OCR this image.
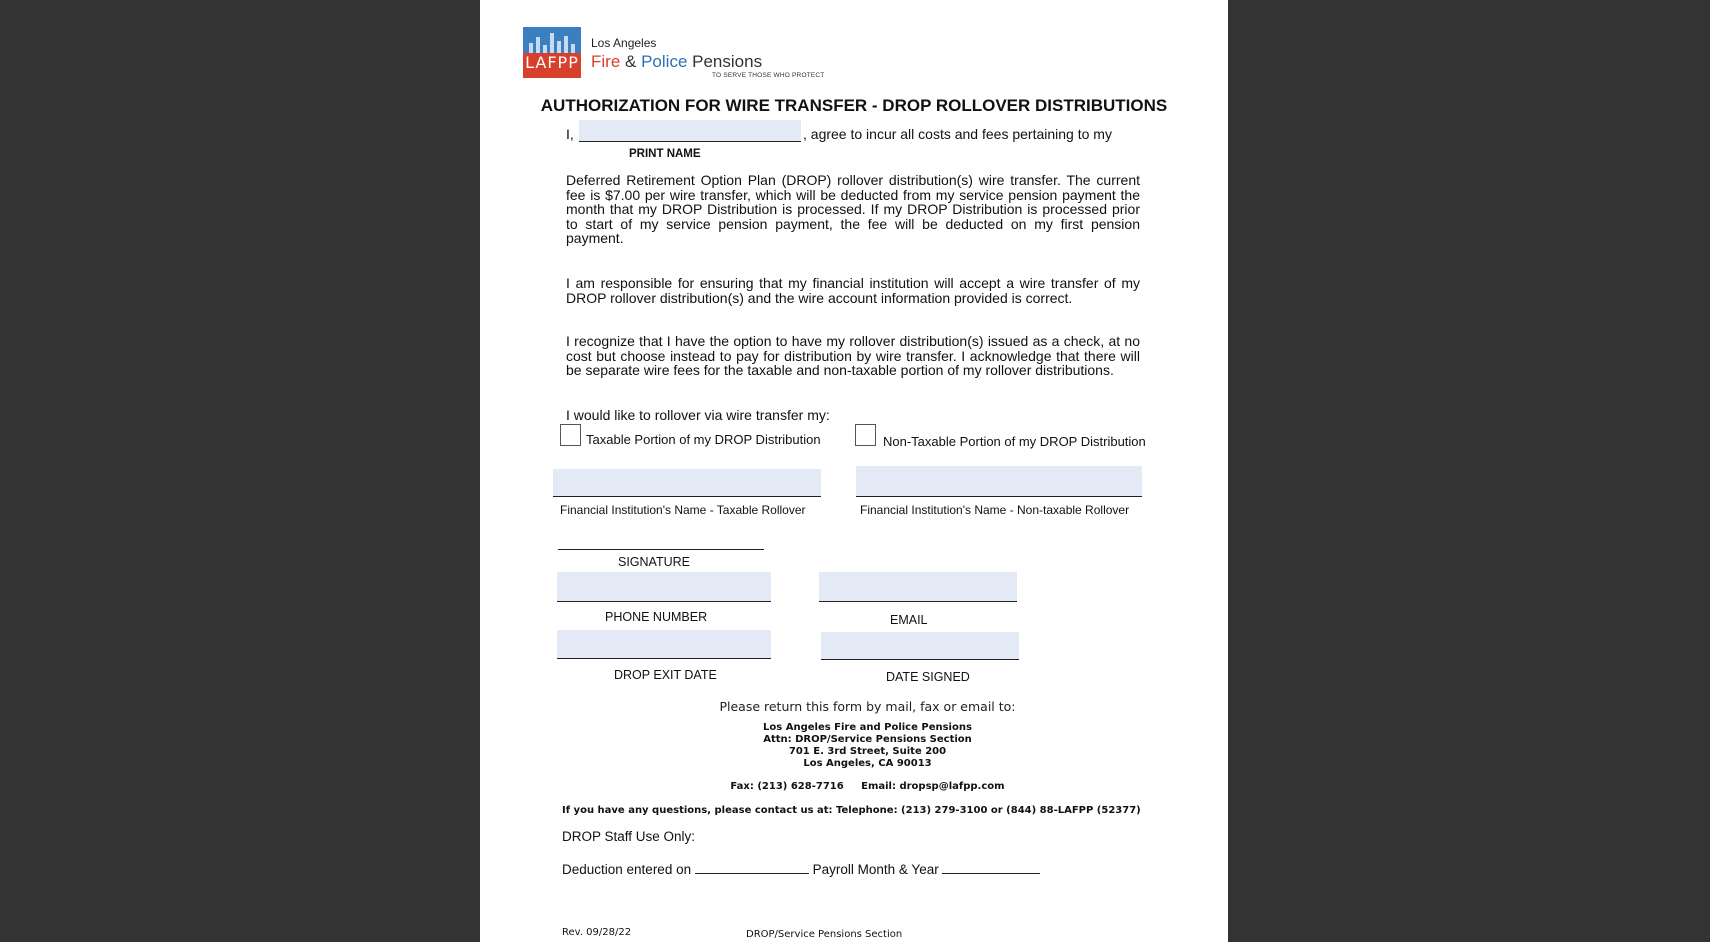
LAFPP
Los Angeles
Fire & Police Pensions
TO SERVE THOSE WHO PROTECT
AUTHORIZATION FOR WIRE TRANSFER - DROP ROLLOVER DISTRIBUTIONS
I,	, agree to incur all costs and fees pertaining to my
PRINT NAME
Deferred Retirement Option Plan (DROP) rollover distribution(s) wire transfer. The current fee is $7.00 per wire transfer, which will be deducted from my service pension payment the month that my DROP Distribution is processed. If my DROP Distribution is processed prior to start of my service pension payment, the fee will be deducted on my first pension payment.
I am responsible for ensuring that my financial institution will accept a wire transfer of my DROP rollover distribution(s) and the wire account information provided is correct.
I recognize that I have the option to have my rollover distribution(s) issued as a check, at no cost but choose instead to pay for distribution by wire transfer. I acknowledge that there will be separate wire fees for the taxable and non-taxable portion of my rollover distributions.
I would like to rollover via wire transfer my:
Taxable Portion of my DROP Distribution	Non-Taxable Portion of my DROP Distribution
Financial Institution's Name - Taxable Rollover	Financial Institution's Name - Non-taxable Rollover
SIGNATURE
PHONE NUMBER	EMAIL
DROP EXIT DATE	DATE SIGNED
Please return this form by mail, fax or email to:
Los Angeles Fire and Police Pensions
Attn: DROP/Service Pensions Section
701 E. 3rd Street, Suite 200
Los Angeles, CA 90013
Fax: (213) 628-7716 Email: dropsp@lafpp.com
If you have any questions, please contact us at: Telephone: (213) 279-3100 or (844) 88-LAFPP (52377)
DROP Staff Use Only:
Deduction entered on	Payroll Month & Year
Rev. 09/28/22	DROP/Service Pensions Section
